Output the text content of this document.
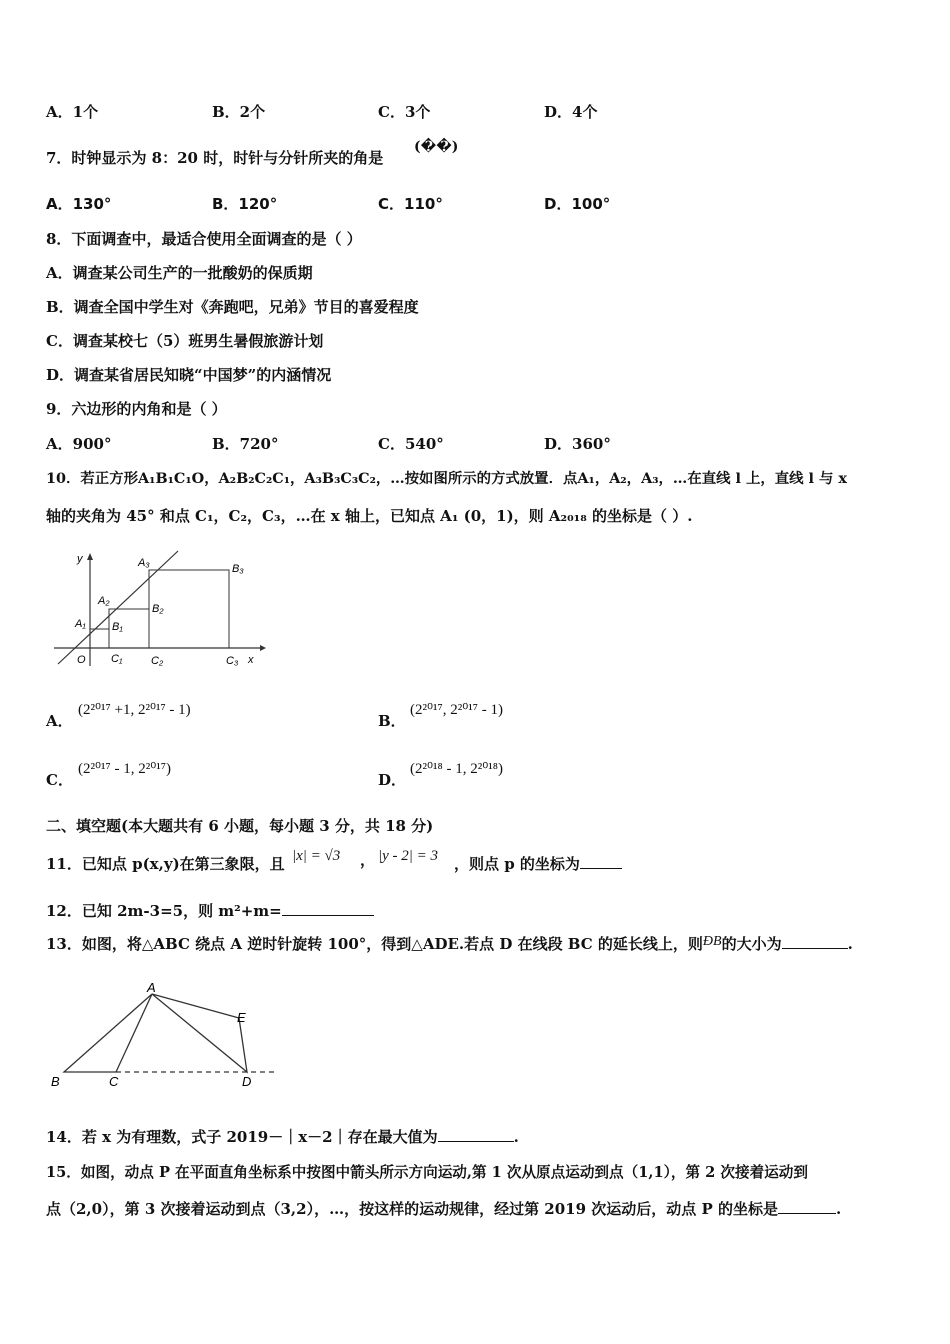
A．1个	B．2个	C．3个	D．4个
7．时钟显示为 8：20 时，时针与分针所夹的角是
(��)
A．130°	B．120°	C．110°	D．100°
8．下面调查中，最适合使用全面调查的是（ ）
A．调查某公司生产的一批酸奶的保质期
B．调查全国中学生对《奔跑吧，兄弟》节目的喜爱程度
C．调查某校七（5）班男生暑假旅游计划
D．调查某省居民知晓“中国梦”的内涵情况
9．六边形的内角和是（ ）
A．900°	B．720°	C．540°	D．360°
10．若正方形A₁B₁C₁O，A₂B₂C₂C₁，A₃B₃C₃C₂，…按如图所示的方式放置．点A₁，A₂，A₃，…在直线 l 上，直线 l 与 x
轴的夹角为 45° 和点 C₁，C₂，C₃，…在 x 轴上，已知点 A₁ (0，1)，则 A₂₀₁₈ 的坐标是（ ）.
y
x
O
A₁
A₂
A₃
B₁
B₂
B₃
C₁	C₂	C₃
A．
(2²⁰¹⁷ +1, 2²⁰¹⁷ - 1)
B．
(2²⁰¹⁷, 2²⁰¹⁷ - 1)
C．
(2²⁰¹⁷ - 1, 2²⁰¹⁷)
D．
(2²⁰¹⁸ - 1, 2²⁰¹⁸)
二、填空题(本大题共有 6 小题，每小题 3 分，共 18 分)
11．已知点 p(x,y)在第三象限，且 |x| = √3 ， |y - 2| = 3 ，则点 p 的坐标为
12．已知 2m-3=5，则 m²+m=
13．如图，将△ABC 绕点 A 逆时针旋转 100°，得到△ADE.若点 D 在线段 BC 的延长线上，则ÐB的大小为	.
A
B	C	D
E
14．若 x 为有理数，式子 2019－｜x－2｜存在最大值为	.
15．如图，动点 P 在平面直角坐标系中按图中箭头所示方向运动,第 1 次从原点运动到点（1,1），第 2 次接着运动到
点（2,0），第 3 次接着运动到点（3,2），…，按这样的运动规律，经过第 2019 次运动后，动点 P 的坐标是	.
